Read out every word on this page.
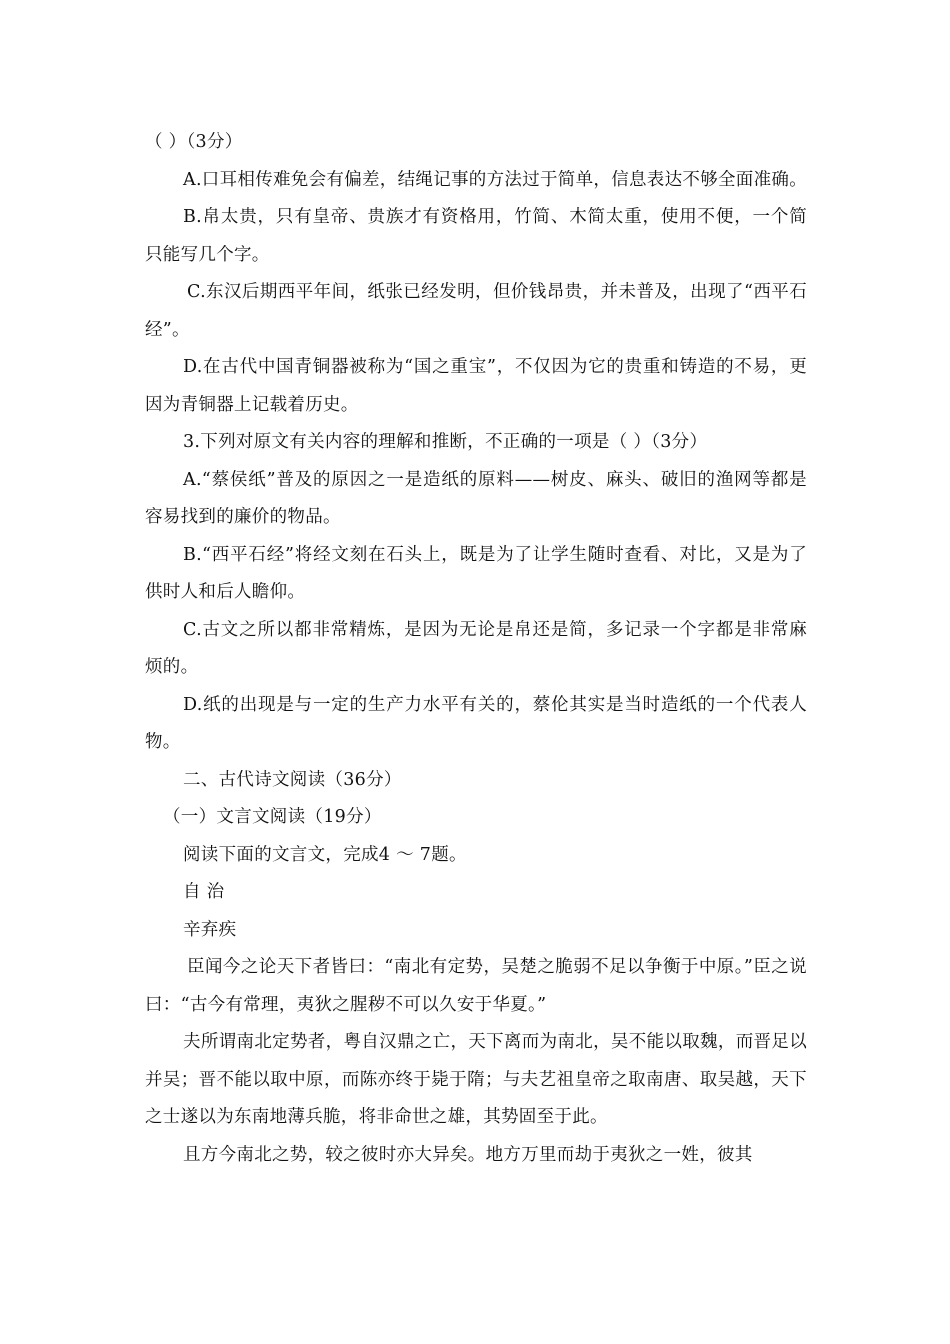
（ ）（3分）

A.口耳相传难免会有偏差，结绳记事的方法过于简单，信息表达不够全面准确。

B.帛太贵，只有皇帝、贵族才有资格用，竹简、木简太重，使用不便，一个简只能写几个字。

C.东汉后期西平年间，纸张已经发明，但价钱昂贵，并未普及，出现了“西平石经”。

D.在古代中国青铜器被称为“国之重宝”，不仅因为它的贵重和铸造的不易，更因为青铜器上记载着历史。

3.下列对原文有关内容的理解和推断，不正确的一项是（ ）（3分）

A.“蔡侯纸”普及的原因之一是造纸的原料——树皮、麻头、破旧的渔网等都是容易找到的廉价的物品。

B.“西平石经”将经文刻在石头上，既是为了让学生随时查看、对比，又是为了供时人和后人瞻仰。

C.古文之所以都非常精炼，是因为无论是帛还是简，多记录一个字都是非常麻烦的。

D.纸的出现是与一定的生产力水平有关的，蔡伦其实是当时造纸的一个代表人物。

二、古代诗文阅读（36分）

（一）文言文阅读（19分）

阅读下面的文言文，完成4 ～ 7题。

自 治

辛弃疾

臣闻今之论天下者皆曰：“南北有定势，吴楚之脆弱不足以争衡于中原。”臣之说曰：“古今有常理，夷狄之腥秽不可以久安于华夏。”

夫所谓南北定势者，粤自汉鼎之亡，天下离而为南北，吴不能以取魏，而晋足以并吴；晋不能以取中原，而陈亦终于毙于隋；与夫艺祖皇帝之取南唐、取吴越，天下之士遂以为东南地薄兵脆，将非命世之雄，其势固至于此。

且方今南北之势，较之彼时亦大异矣。地方万里而劫于夷狄之一姓，彼其
